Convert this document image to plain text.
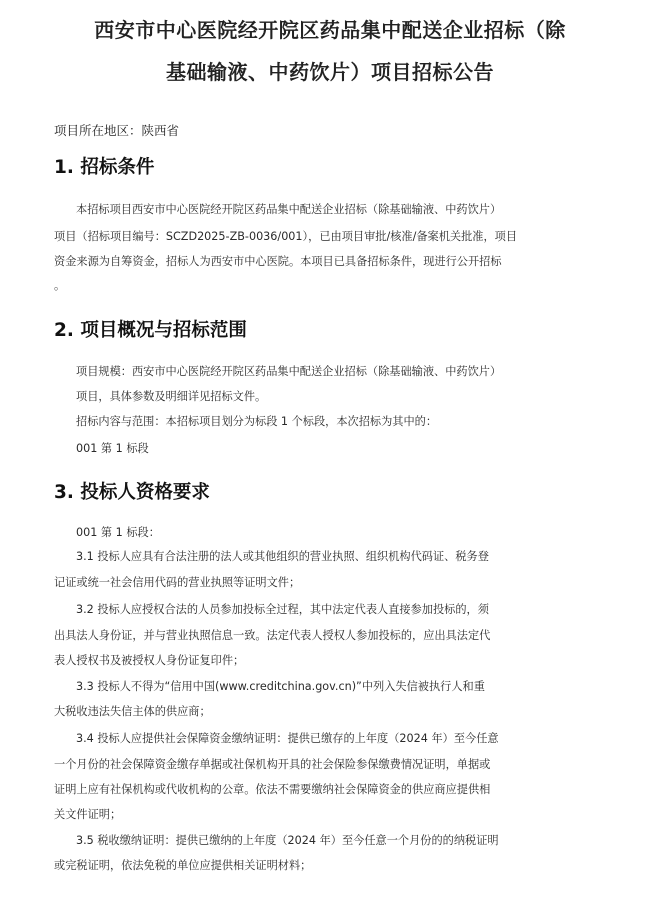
西安市中心医院经开院区药品集中配送企业招标（除
基础输液、中药饮片）项目招标公告
项目所在地区：陕西省
1. 招标条件
本招标项目西安市中心医院经开院区药品集中配送企业招标（除基础输液、中药饮片）
项目（招标项目编号：SCZD2025-ZB-0036/001），已由项目审批/核准/备案机关批准，项目
资金来源为自筹资金，招标人为西安市中心医院。本项目已具备招标条件，现进行公开招标
。
2. 项目概况与招标范围
项目规模：西安市中心医院经开院区药品集中配送企业招标（除基础输液、中药饮片）
项目，具体参数及明细详见招标文件。
招标内容与范围：本招标项目划分为标段 1 个标段，本次招标为其中的：
001 第 1 标段
3. 投标人资格要求
001 第 1 标段：
3.1 投标人应具有合法注册的法人或其他组织的营业执照、组织机构代码证、税务登
记证或统一社会信用代码的营业执照等证明文件；
3.2 投标人应授权合法的人员参加投标全过程，其中法定代表人直接参加投标的，须
出具法人身份证，并与营业执照信息一致。法定代表人授权人参加投标的，应出具法定代
表人授权书及被授权人身份证复印件；
3.3 投标人不得为“信用中国(www.creditchina.gov.cn)”中列入失信被执行人和重
大税收违法失信主体的供应商；
3.4 投标人应提供社会保障资金缴纳证明：提供已缴存的上年度（2024 年）至今任意
一个月份的社会保障资金缴存单据或社保机构开具的社会保险参保缴费情况证明，单据或
证明上应有社保机构或代收机构的公章。依法不需要缴纳社会保障资金的供应商应提供相
关文件证明；
3.5 税收缴纳证明：提供已缴纳的上年度（2024 年）至今任意一个月份的的纳税证明
或完税证明，依法免税的单位应提供相关证明材料；
